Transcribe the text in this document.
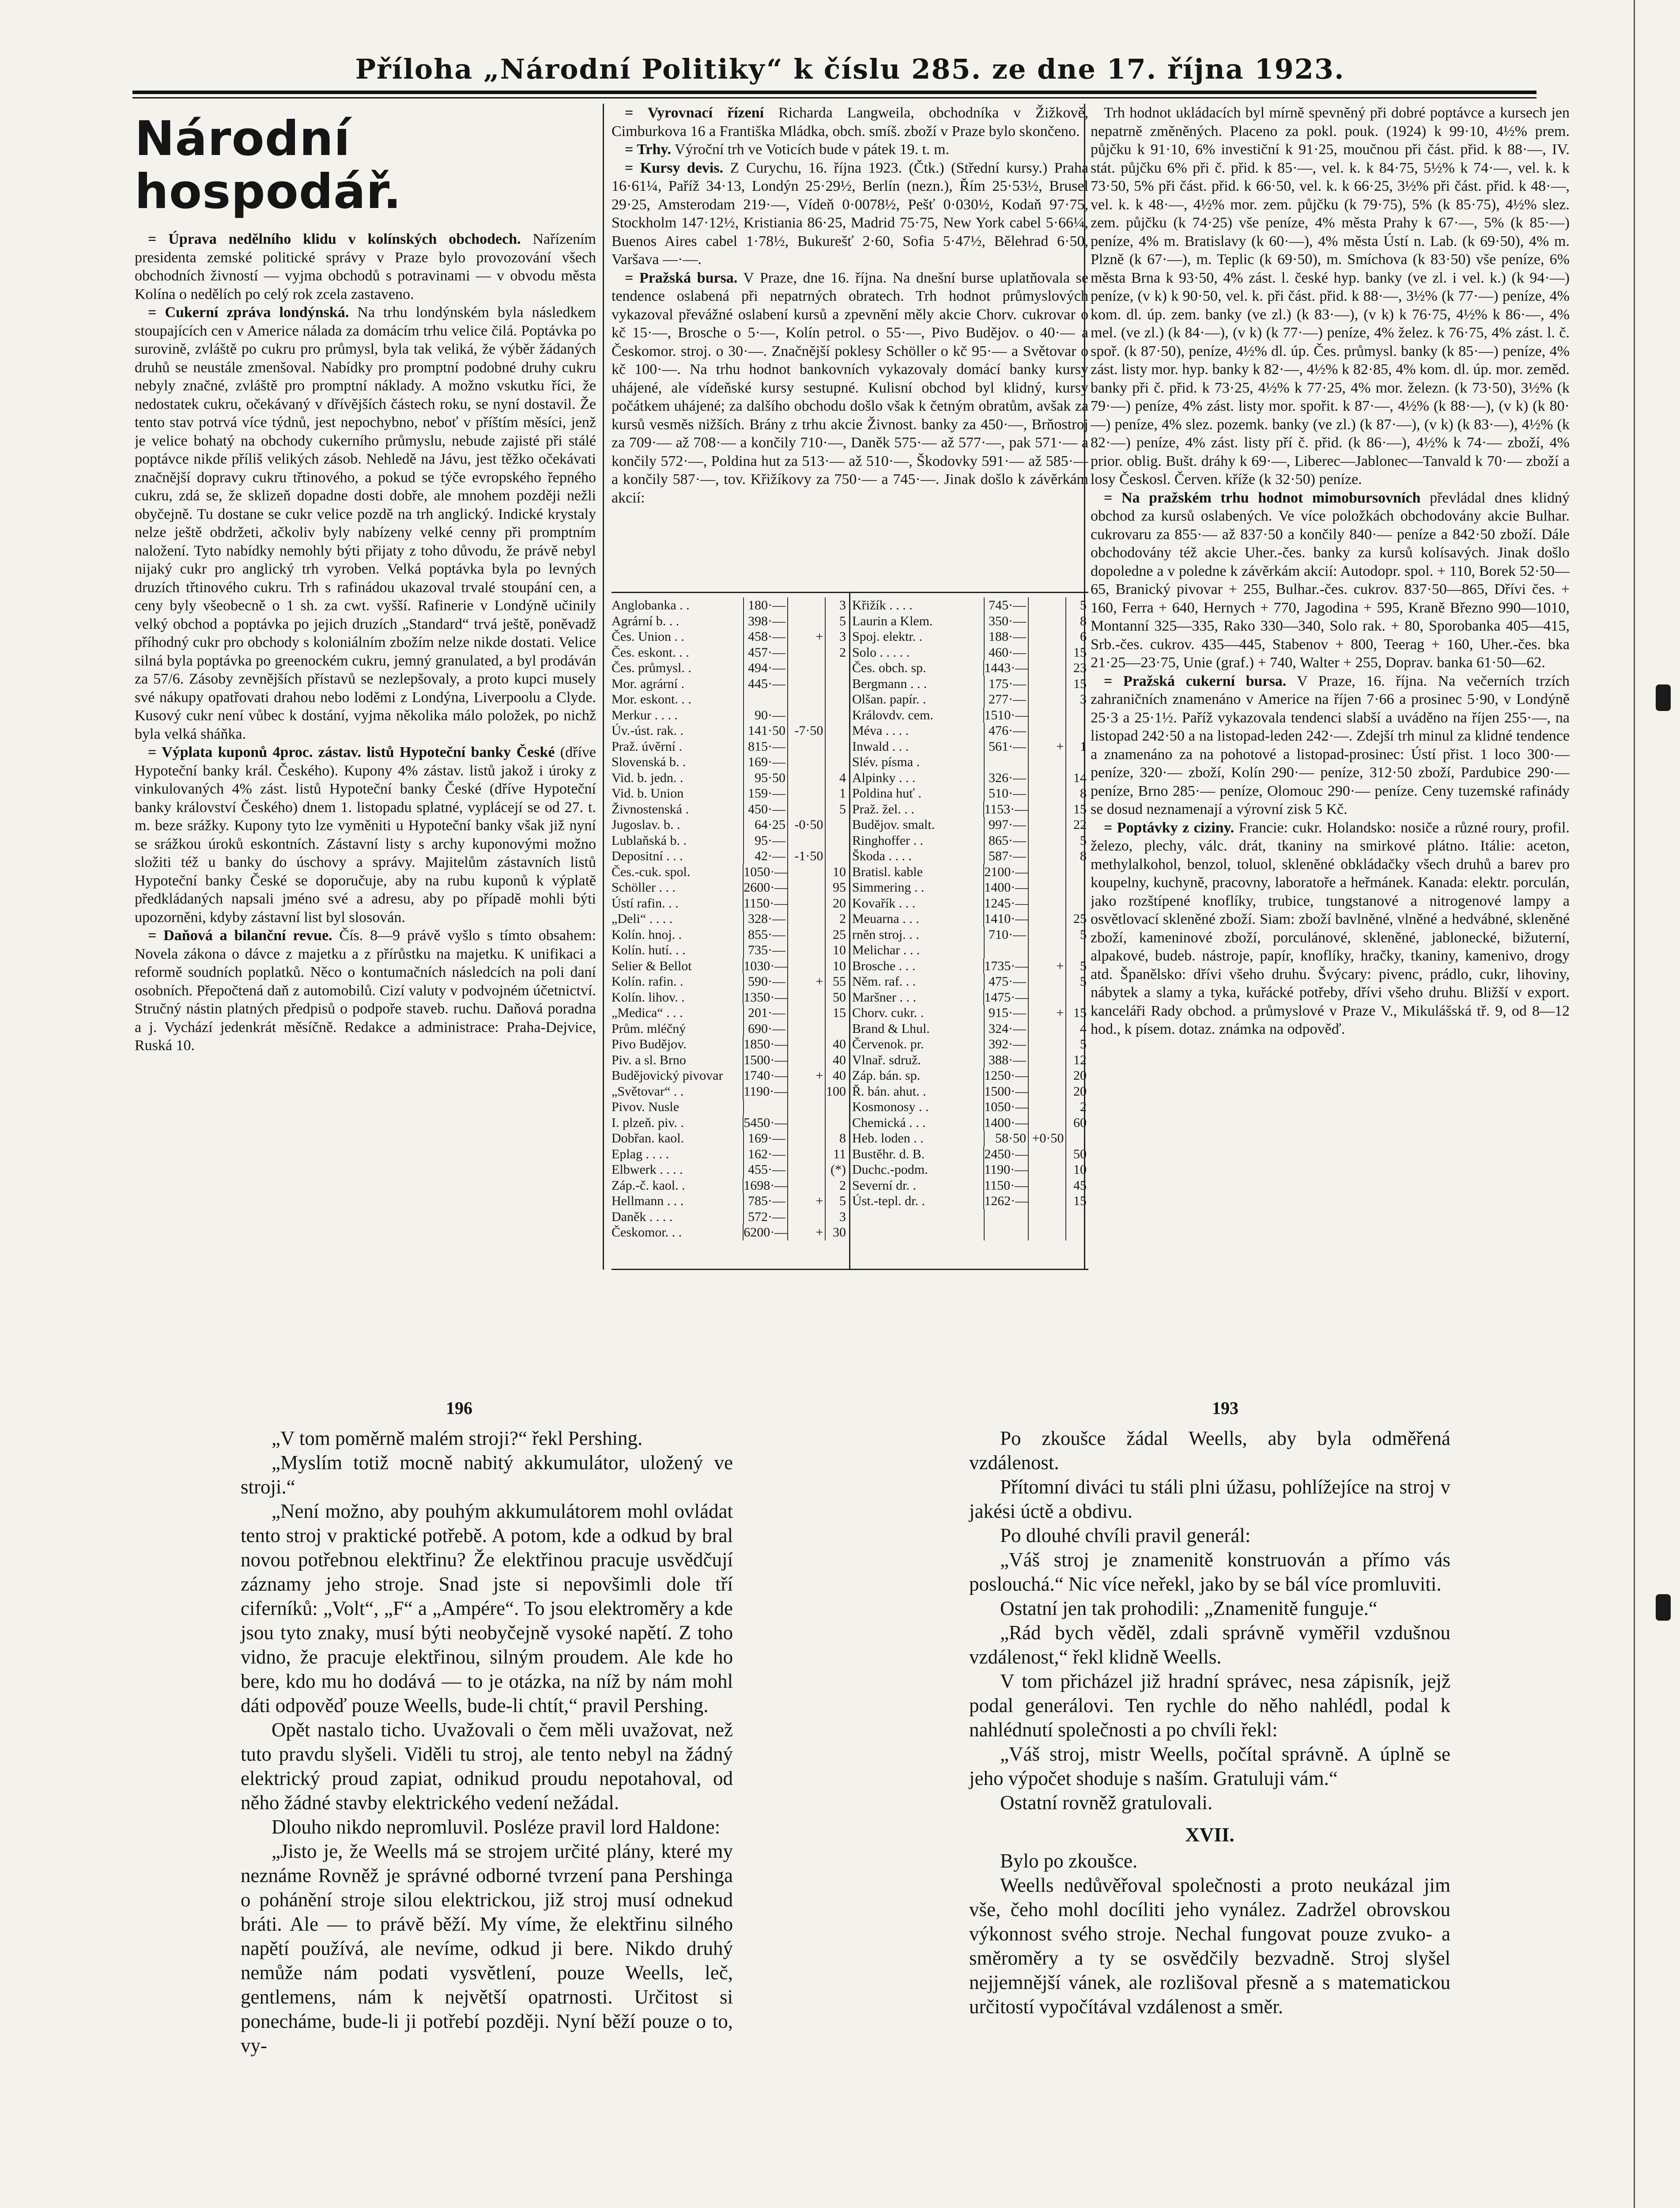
Příloha „Národní Politiky“ k číslu 285. ze dne 17. října 1923.
Národní hospodář.

= Úprava nedělního klidu v kolínských obchodech. Nařízením presidenta zemské politické správy v Praze bylo provozování všech obchodních živností — vyjma obchodů s potravinami — v obvodu města Kolína o nedělích po celý rok zcela zastaveno.

= Cukerní zpráva londýnská. Na trhu londýnském byla následkem stoupajících cen v Americe nálada za domácím trhu velice čilá. Poptávka po surovině, zvláště po cukru pro průmysl, byla tak veliká, že výběr žádaných druhů se neustále zmenšoval. Nabídky pro promptní podobné druhy cukru nebyly značné, zvláště pro promptní náklady. A možno vskutku říci, že nedostatek cukru, očekávaný v dřívějších částech roku, se nyní dostavil. Že tento stav potrvá více týdnů, jest nepochybno, neboť v příštím měsíci, jenž je velice bohatý na obchody cukerního průmyslu, nebude zajisté při stálé poptávce nikde příliš velikých zásob. Nehledě na Jávu, jest těžko očekávati značnější dopravy cukru třtinového, a pokud se týče evropského řepného cukru, zdá se, že sklizeň dopadne dosti dobře, ale mnohem později nežli obyčejně. Tu dostane se cukr velice pozdě na trh anglický. Indické krystaly nelze ještě obdržeti, ačkoliv byly nabízeny velké cenny při promptním naložení. Tyto nabídky nemohly býti přijaty z toho důvodu, že právě nebyl nijaký cukr pro anglický trh vyroben. Velká poptávka byla po levných druzích třtinového cukru. Trh s rafinádou ukazoval trvalé stoupání cen, a ceny byly všeobecně o 1 sh. za cwt. vyšší. Rafinerie v Londýně učinily velký obchod a poptávka po jejich druzích „Standard“ trvá ještě, poněvadž příhodný cukr pro obchody s koloniálním zbožím nelze nikde dostati. Velice silná byla poptávka po greenockém cukru, jemný granulated, a byl prodáván za 57/6. Zásoby zevnějších přístavů se nezlepšovaly, a proto kupci musely své nákupy opatřovati drahou nebo loděmi z Londýna, Liverpoolu a Clyde. Kusový cukr není vůbec k dostání, vyjma několika málo položek, po nichž byla velká sháňka.

= Výplata kuponů 4proc. zástav. listů Hypoteční banky České (dříve Hypoteční banky král. Českého). Kupony 4% zástav. listů jakož i úroky z vinkulovaných 4% zást. listů Hypoteční banky České (dříve Hypoteční banky království Českého) dnem 1. listopadu splatné, vyplácejí se od 27. t. m. beze srážky. Kupony tyto lze vyměniti u Hypoteční banky však již nyní se srážkou úroků eskontních. Zástavní listy s archy kuponovými možno složiti též u banky do úschovy a správy. Majitelům zástavních listů Hypoteční banky České se doporučuje, aby na rubu kuponů k výplatě předkládaných napsali jméno své a adresu, aby po případě mohli býti upozorněni, kdyby zástavní list byl slosován.

= Daňová a bilanční revue. Čís. 8—9 právě vyšlo s tímto obsahem: Novela zákona o dávce z majetku a z přírůstku na majetku. K unifikaci a reformě soudních poplatků. Něco o kontumačních následcích na poli daní osobních. Přepočtená daň z automobilů. Cizí valuty v podvojném účetnictví. Stručný nástin platných předpisů o podpoře staveb. ruchu. Daňová poradna a j. Vychází jedenkrát měsíčně. Redakce a administrace: Praha-Dejvice, Ruská 10.

= Vyrovnací řízení Richarda Langweila, obchodníka v Žižkově, Cimburkova 16 a Františka Mládka, obch. smíš. zboží v Praze bylo skončeno.

= Trhy. Výroční trh ve Voticích bude v pátek 19. t. m.

= Kursy devis. Z Curychu, 16. října 1923. (Čtk.) (Střední kursy.) Praha 16·61¼, Paříž 34·13, Londýn 25·29½, Berlín (nezn.), Řím 25·53½, Brusel 29·25, Amsterodam 219·—, Vídeň 0·0078½, Pešť 0·030½, Kodaň 97·75, Stockholm 147·12½, Kristiania 86·25, Madrid 75·75, New York cabel 5·66¼, Buenos Aires cabel 1·78½, Bukurešť 2·60, Sofia 5·47½, Bělehrad 6·50, Varšava —·—.

= Pražská bursa. V Praze, dne 16. října. Na dnešní burse uplatňovala se tendence oslabená při nepatrných obratech. Trh hodnot průmyslových vykazoval převážné oslabení kursů a zpevnění měly akcie Chorv. cukrovar o kč 15·—, Brosche o 5·—, Kolín petrol. o 55·—, Pivo Budějov. o 40·— a Českomor. stroj. o 30·—. Značnější poklesy Schöller o kč 95·— a Světovar o kč 100·—. Na trhu hodnot bankovních vykazovaly domácí banky kursy uhájené, ale vídeňské kursy sestupné. Kulisní obchod byl klidný, kursy počátkem uhájené; za dalšího obchodu došlo však k četným obratům, avšak za kursů vesměs nižších. Brány z trhu akcie Živnost. banky za 450·—, Brňostroj za 709·— až 708·— a končily 710·—, Daněk 575·— až 577·—, pak 571·— a končily 572·—, Poldina hut za 513·— až 510·—, Škodovky 591·— až 585·— a končily 587·—, tov. Křižíkovy za 750·— a 745·—. Jinak došlo k závěrkám akcií:

Anglobanka . .	180·—	3
Agrární b. . .	398·—	5
Čes. Union . .	458·—	+	3
Čes. eskont. . .	457·—	2
Čes. průmysl. .	494·—
Mor. agrární .	445·—
Mor. eskont. . .
Merkur . . . .	90·—
Úv.-úst. rak. .	141·50 -7·50
Praž. úvěrní .	815·—
Slovenská b. .	169·—
Vid. b. jedn. .	95·50	4
Vid. b. Union	159·—	1
Živnostenská .	450·—	5
Jugoslav. b. .	64·25 -0·50
Lublaňská b. .	95·—
Depositní . . .	42·— -1·50
Čes.-cuk. spol.	1050·—	10
Schöller . . .	2600·—	95
Ústí rafin. . .	1150·—	20
„Deli“ . . . .	328·—	2
Kolín. hnoj. .	855·—	25
Kolín. hutí. . .	735·—	10
Selier & Bellot	1030·—	10
Kolín. rafin. .	590·—	+ 55
Kolín. lihov. .	1350·—	50
„Medica“ . . .	201·—	15
Prům. mléčný	690·—
Pivo Budějov.	1850·—	40
Piv. a sl. Brno	1500·—	40
Budějovický pivovar	1740·—	+ 40
„Světovar“ . .	1190·—	100
Pivov. Nusle
I. plzeň. piv. .	5450·—
Dobřan. kaol.	169·—	8
Eplag . . . .	162·—	11
Elbwerk . . . .	455·—	(*)
Záp.-č. kaol. .	1698·—	2
Hellmann . . .	785·—	+	5
Daněk . . . .	572·—	3
Českomor. . .	6200·—	+ 30
Křižík . . . .	745·—	5
Laurin a Klem.	350·—	8
Spoj. elektr. .	188·—	6
Solo . . . . .	460·—	15
Čes. obch. sp.	1443·—	23
Bergmann . . .	175·—	15
Olšan. papír. .	277·—	3
Královdv. cem.	1510·—
Méva . . . .	476·—
Inwald . . .	561·—	+	1
Slév. písma .
Alpinky . . .	326·—	14
Poldina huť .	510·—	8
Praž. žel. . .	1153·—	15
Budějov. smalt.	997·—	22
Ringhoffer . .	865·—	5
Škoda . . . .	587·—	8
Bratisl. kable	2100·—
Simmering . .	1400·—
Kovařík . . .	1245·—
Meuarna . . .	1410·—	25
rněn stroj. . .	710·—	5
Melichar . . .
Brosche . . .	1735·—	+	5
Něm. raf. . .	475·—	5
Maršner . . .	1475·—
Chorv. cukr. .	915·—	+ 15
Brand & Lhul.	324·—	4
Červenok. pr.	392·—	5
Vlnař. sdruž.	388·—	12
Záp. bán. sp.	1250·—	20
Ř. bán. ahut. .	1500·—	20
Kosmonosy . .	1050·—	2
Chemická . . .	1400·—	60
Heb. loden . .	58·50 +0·50
Bustěhr. d. B.	2450·—	50
Duchc.-podm.	1190·—	10
Severní dr. .	1150·—	45
Úst.-tepl. dr. .	1262·—	15

Trh hodnot ukládacích byl mírně spevněný při dobré poptávce a kursech jen nepatrně změněných. Placeno za pokl. pouk. (1924) k 99·10, 4½% prem. půjčku k 91·10, 6% investiční k 91·25, moučnou při část. přid. k 88·—, IV. stát. půjčku 6% při č. přid. k 85·—, vel. k. k 84·75, 5½% k 74·—, vel. k. k 73·50, 5% při část. přid. k 66·50, vel. k. k 66·25, 3½% při část. přid. k 48·—, vel. k. k 48·—, 4½% mor. zem. půjčku (k 79·75), 5% (k 85·75), 4½% slez. zem. půjčku (k 74·25) vše peníze, 4% města Prahy k 67·—, 5% (k 85·—) peníze, 4% m. Bratislavy (k 60·—), 4% města Ústí n. Lab. (k 69·50), 4% m. Plzně (k 67·—), m. Teplic (k 69·50), m. Smíchova (k 83·50) vše peníze, 6% města Brna k 93·50, 4% zást. l. české hyp. banky (ve zl. i vel. k.) (k 94·—) peníze, (v k) k 90·50, vel. k. při část. přid. k 88·—, 3½% (k 77·—) peníze, 4% kom. dl. úp. zem. banky (ve zl.) (k 83·—), (v k) k 76·75, 4½% k 86·—, 4% mel. (ve zl.) (k 84·—), (v k) (k 77·—) peníze, 4% želez. k 76·75, 4% zást. l. č. spoř. (k 87·50), peníze, 4½% dl. úp. Čes. průmysl. banky (k 85·—) peníze, 4% zást. listy mor. hyp. banky k 82·—, 4½% k 82·85, 4% kom. dl. úp. mor. zeměd. banky při č. přid. k 73·25, 4½% k 77·25, 4% mor. železn. (k 73·50), 3½% (k 79·—) peníze, 4% zást. listy mor. spořit. k 87·—, 4½% (k 88·—), (v k) (k 80·—) peníze, 4% slez. pozemk. banky (ve zl.) (k 87·—), (v k) (k 83·—), 4½% (k 82·—) peníze, 4% zást. listy pří č. přid. (k 86·—), 4½% k 74·— zboží, 4% prior. oblig. Bušt. dráhy k 69·—, Liberec—Jablonec—Tanvald k 70·— zboží a losy Českosl. Červen. kříže (k 32·50) peníze.

= Na pražském trhu hodnot mimobursovních převládal dnes klidný obchod za kursů oslabených. Ve více položkách obchodovány akcie Bulhar. cukrovaru za 855·— až 837·50 a končily 840·— peníze a 842·50 zboží. Dále obchodovány též akcie Uher.-čes. banky za kursů kolísavých. Jinak došlo dopoledne a v poledne k závěrkám akcií: Autodopr. spol. + 110, Borek 52·50—65, Branický pivovar + 255, Bulhar.-čes. cukrov. 837·50—865, Dřívi čes. + 160, Ferra + 640, Hernych + 770, Jagodina + 595, Kraně Březno 990—1010, Montanní 325—335, Rako 330—340, Solo rak. + 80, Sporobanka 405—415, Srb.-čes. cukrov. 435—445, Stabenov + 800, Teerag + 160, Uher.-čes. bka 21·25—23·75, Unie (graf.) + 740, Walter + 255, Doprav. banka 61·50—62.

= Pražská cukerní bursa. V Praze, 16. října. Na večerních trzích zahraničních znamenáno v Americe na říjen 7·66 a prosinec 5·90, v Londýně 25·3 a 25·1½. Paříž vykazovala tendenci slabší a uváděno na říjen 255·—, na listopad 242·50 a na listopad-leden 242·—. Zdejší trh minul za klidné tendence a znamenáno za na pohotové a listopad-prosinec: Ústí přist. 1 loco 300·— peníze, 320·— zboží, Kolín 290·— peníze, 312·50 zboží, Pardubice 290·— peníze, Brno 285·— peníze, Olomouc 290·— peníze. Ceny tuzemské rafinády se dosud neznamenají a výrovní zisk 5 Kč.

= Poptávky z ciziny. Francie: cukr. Holandsko: nosiče a různé roury, profil. železo, plechy, válc. drát, tkaniny na smirkové plátno. Itálie: aceton, methylalkohol, benzol, toluol, skleněné obkládačky všech druhů a barev pro koupelny, kuchyně, pracovny, laboratoře a heřmánek. Kanada: elektr. porculán, jako rozštípené knoflíky, trubice, tungstanové a nitrogenové lampy a osvětlovací skleněné zboží. Siam: zboží bavlněné, vlněné a hedvábné, skleněné zboží, kameninové zboží, porculánové, skleněné, jablonecké, bižuterní, alpakové, budeb. nástroje, papír, knoflíky, hračky, tkaniny, kamenivo, drogy atd. Španělsko: dřívi všeho druhu. Švýcary: pivenc, prádlo, cukr, lihoviny, nábytek a slamy a tyka, kuřácké potřeby, dřívi všeho druhu. Bližší v export. kanceláři Rady obchod. a průmyslové v Praze V., Mikulášská tř. 9, od 8—12 hod., k písem. dotaz. známka na odpověď.

196	193

„V tom poměrně malém stroji?“ řekl Pershing.

„Myslím totiž mocně nabitý akkumulátor, uložený ve stroji.“

„Není možno, aby pouhým akkumulátorem mohl ovládat tento stroj v praktické potřebě. A potom, kde a odkud by bral novou potřebnou elektřinu? Že elektřinou pracuje usvědčují záznamy jeho stroje. Snad jste si nepovšimli dole tří ciferníků: „Volt“, „F“ a „Ampére“. To jsou elektroměry a kde jsou tyto znaky, musí býti neobyčejně vysoké napětí. Z toho vidno, že pracuje elektřinou, silným proudem. Ale kde ho bere, kdo mu ho dodává — to je otázka, na níž by nám mohl dáti odpověď pouze Weells, bude-li chtít,“ pravil Pershing.

Opět nastalo ticho. Uvažovali o čem měli uvažovat, než tuto pravdu slyšeli. Viděli tu stroj, ale tento nebyl na žádný elektrický proud zapiat, odnikud proudu nepotahoval, od něho žádné stavby elektrického vedení nežádal.

Dlouho nikdo nepromluvil. Posléze pravil lord Haldone:

„Jisto je, že Weells má se strojem určité plány, které my neznáme Rovněž je správné odborné tvrzení pana Pershinga o pohánění stroje silou elektrickou, již stroj musí odnekud bráti. Ale — to právě běží. My víme, že elektřinu silného napětí používá, ale nevíme, odkud ji bere. Nikdo druhý nemůže nám podati vysvětlení, pouze Weells, leč, gentlemens, nám k největší opatrnosti. Určitost si ponecháme, bude-li ji potřebí později. Nyní běží pouze o to, vy-

Po zkoušce žádal Weells, aby byla odměřená vzdálenost.

Přítomní diváci tu stáli plni úžasu, pohlížejíce na stroj v jakési úctě a obdivu.

Po dlouhé chvíli pravil generál:

„Váš stroj je znamenitě konstruován a přímo vás poslouchá.“ Nic více neřekl, jako by se bál více promluviti.

Ostatní jen tak prohodili: „Znamenitě funguje.“

„Rád bych věděl, zdali správně vyměřil vzdušnou vzdálenost,“ řekl klidně Weells.

V tom přicházel již hradní správec, nesa zápisník, jejž podal generálovi. Ten rychle do něho nahlédl, podal k nahlédnutí společnosti a po chvíli řekl:

„Váš stroj, mistr Weells, počítal správně. A úplně se jeho výpočet shoduje s naším. Gratuluji vám.“

Ostatní rovněž gratulovali.

XVII.

Bylo po zkoušce.

Weells nedůvěřoval společnosti a proto neukázal jim vše, čeho mohl docíliti jeho vynález. Zadržel obrovskou výkonnost svého stroje. Nechal fungovat pouze zvuko- a směroměry a ty se osvědčily bezvadně. Stroj slyšel nejjemnější vánek, ale rozlišoval přesně a s matematickou určitostí vypočítával vzdálenost a směr.
